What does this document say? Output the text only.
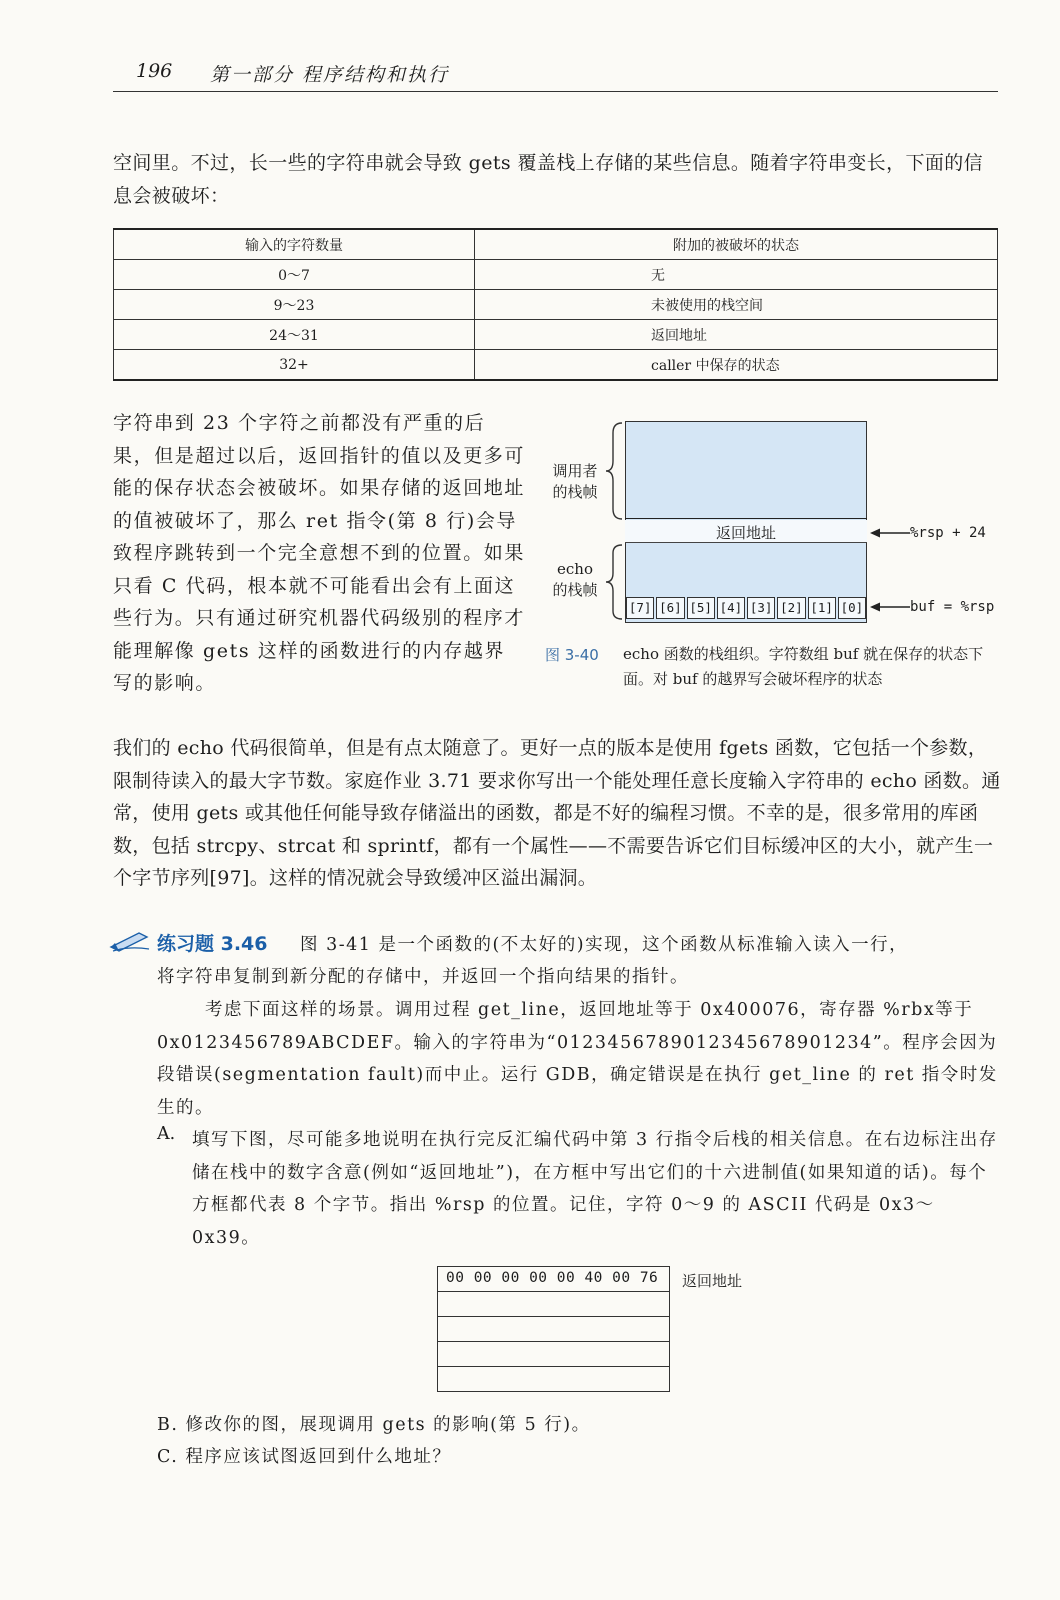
196 第一部分 程序结构和执行
空间里。不过，长一些的字符串就会导致 gets 覆盖栈上存储的某些信息。随着字符串变长，下面的信息会被破坏：
输入的字符数量	附加的被破坏的状态
0～7	无
9～23	未被使用的栈空间
24～31	返回地址
32+	caller 中保存的状态
字符串到 23 个字符之前都没有严重的后果，但是超过以后，返回指针的值以及更多可能的保存状态会被破坏。如果存储的返回地址的值被破坏了，那么 ret 指令(第 8 行)会导致程序跳转到一个完全意想不到的位置。如果只看 C 代码，根本就不可能看出会有上面这些行为。只有通过研究机器代码级别的程序才能理解像 gets 这样的函数进行的内存越界写的影响。
调用者
的栈帧
echo
的栈帧
返回地址
[7] [6] [5] [4] [3] [2] [1] [0]
%rsp + 24
buf = %rsp
图 3-40 echo 函数的栈组织。字符数组 buf 就在保存的状态下面。对 buf 的越界写会破坏程序的状态
我们的 echo 代码很简单，但是有点太随意了。更好一点的版本是使用 fgets 函数，它包括一个参数，限制待读入的最大字节数。家庭作业 3.71 要求你写出一个能处理任意长度输入字符串的 echo 函数。通常，使用 gets 或其他任何能导致存储溢出的函数，都是不好的编程习惯。不幸的是，很多常用的库函数，包括 strcpy、strcat 和 sprintf，都有一个属性——不需要告诉它们目标缓冲区的大小，就产生一个字节序列[97]。这样的情况就会导致缓冲区溢出漏洞。
练习题 3.46 图 3-41 是一个函数的(不太好的)实现，这个函数从标准输入读入一行，
将字符串复制到新分配的存储中，并返回一个指向结果的指针。
考虑下面这样的场景。调用过程 get_line，返回地址等于 0x400076，寄存器 %rbx等于 0x0123456789ABCDEF。输入的字符串为“0123456789012345678901234”。程序会因为段错误(segmentation fault)而中止。运行 GDB，确定错误是在执行 get_line 的 ret 指令时发生的。
A. 填写下图，尽可能多地说明在执行完反汇编代码中第 3 行指令后栈的相关信息。在右边标注出存储在栈中的数字含意(例如“返回地址”)，在方框中写出它们的十六进制值(如果知道的话)。每个方框都代表 8 个字节。指出 %rsp 的位置。记住，字符 0～9 的 ASCII 代码是 0x3～0x39。
00 00 00 00 00 40 00 76 返回地址
B. 修改你的图，展现调用 gets 的影响(第 5 行)。
C. 程序应该试图返回到什么地址？
